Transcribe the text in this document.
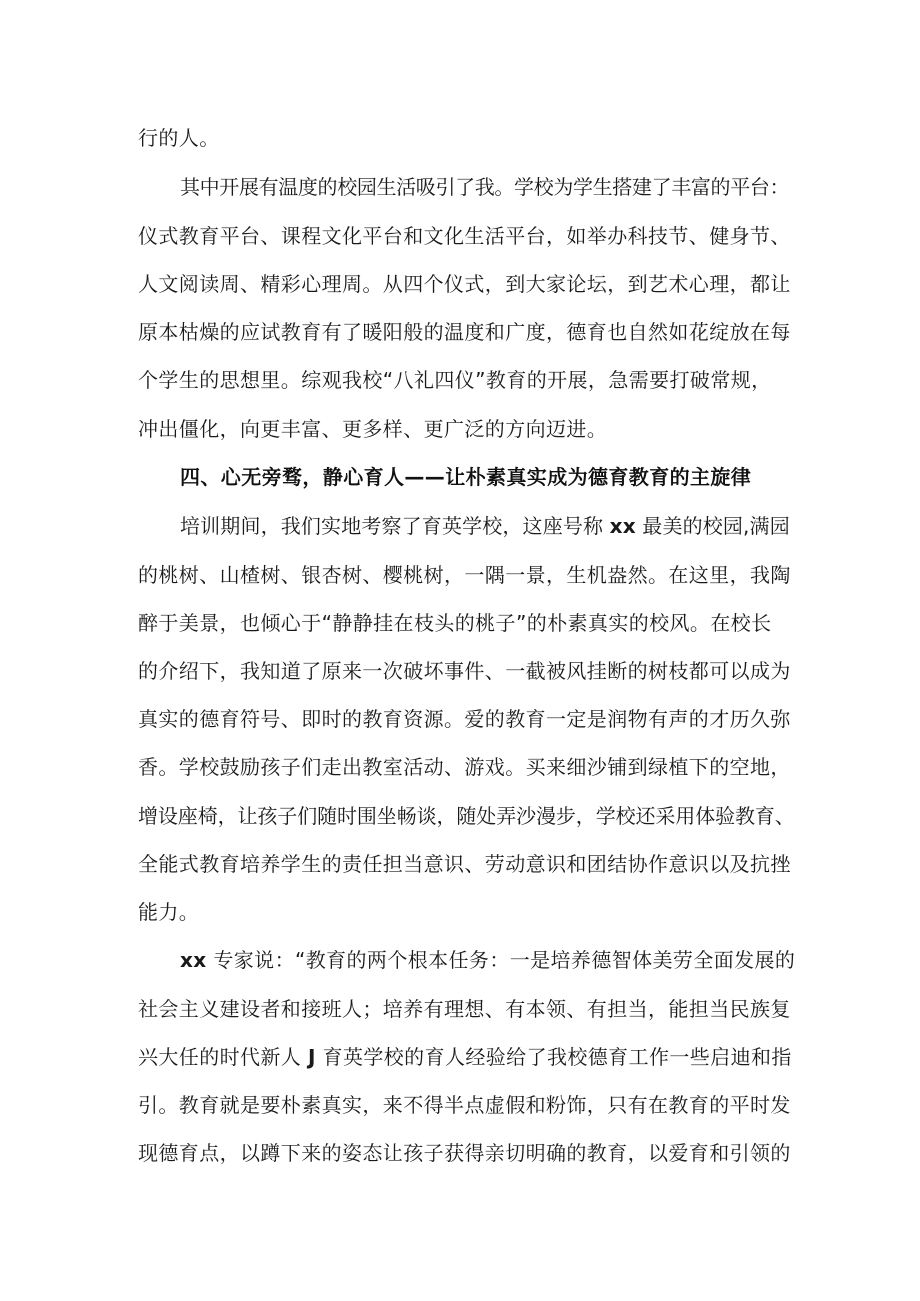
行的人。
其中开展有温度的校园生活吸引了我。学校为学生搭建了丰富的平台：
仪式教育平台、课程文化平台和文化生活平台，如举办科技节、健身节、
人文阅读周、精彩心理周。从四个仪式，到大家论坛，到艺术心理，都让
原本枯燥的应试教育有了暖阳般的温度和广度，德育也自然如花绽放在每
个学生的思想里。综观我校“八礼四仪”教育的开展，急需要打破常规，
冲出僵化，向更丰富、更多样、更广泛的方向迈进。
四、心无旁骛，静心育人——让朴素真实成为德育教育的主旋律
培训期间，我们实地考察了育英学校，这座号称 xx 最美的校园,满园
的桃树、山楂树、银杏树、樱桃树，一隅一景，生机盎然。在这里，我陶
醉于美景，也倾心于“静静挂在枝头的桃子”的朴素真实的校风。在校长
的介绍下，我知道了原来一次破坏事件、一截被风挂断的树枝都可以成为
真实的德育符号、即时的教育资源。爱的教育一定是润物有声的才历久弥
香。学校鼓励孩子们走出教室活动、游戏。买来细沙铺到绿植下的空地，
增设座椅，让孩子们随时围坐畅谈，随处弄沙漫步，学校还采用体验教育、
全能式教育培养学生的责任担当意识、劳动意识和团结协作意识以及抗挫
能力。
xx 专家说：“教育的两个根本任务：一是培养德智体美劳全面发展的
社会主义建设者和接班人；培养有理想、有本领、有担当，能担当民族复
兴大任的时代新人 J 育英学校的育人经验给了我校德育工作一些启迪和指
引。教育就是要朴素真实，来不得半点虚假和粉饰，只有在教育的平时发
现德育点，以蹲下来的姿态让孩子获得亲切明确的教育，以爱育和引领的
